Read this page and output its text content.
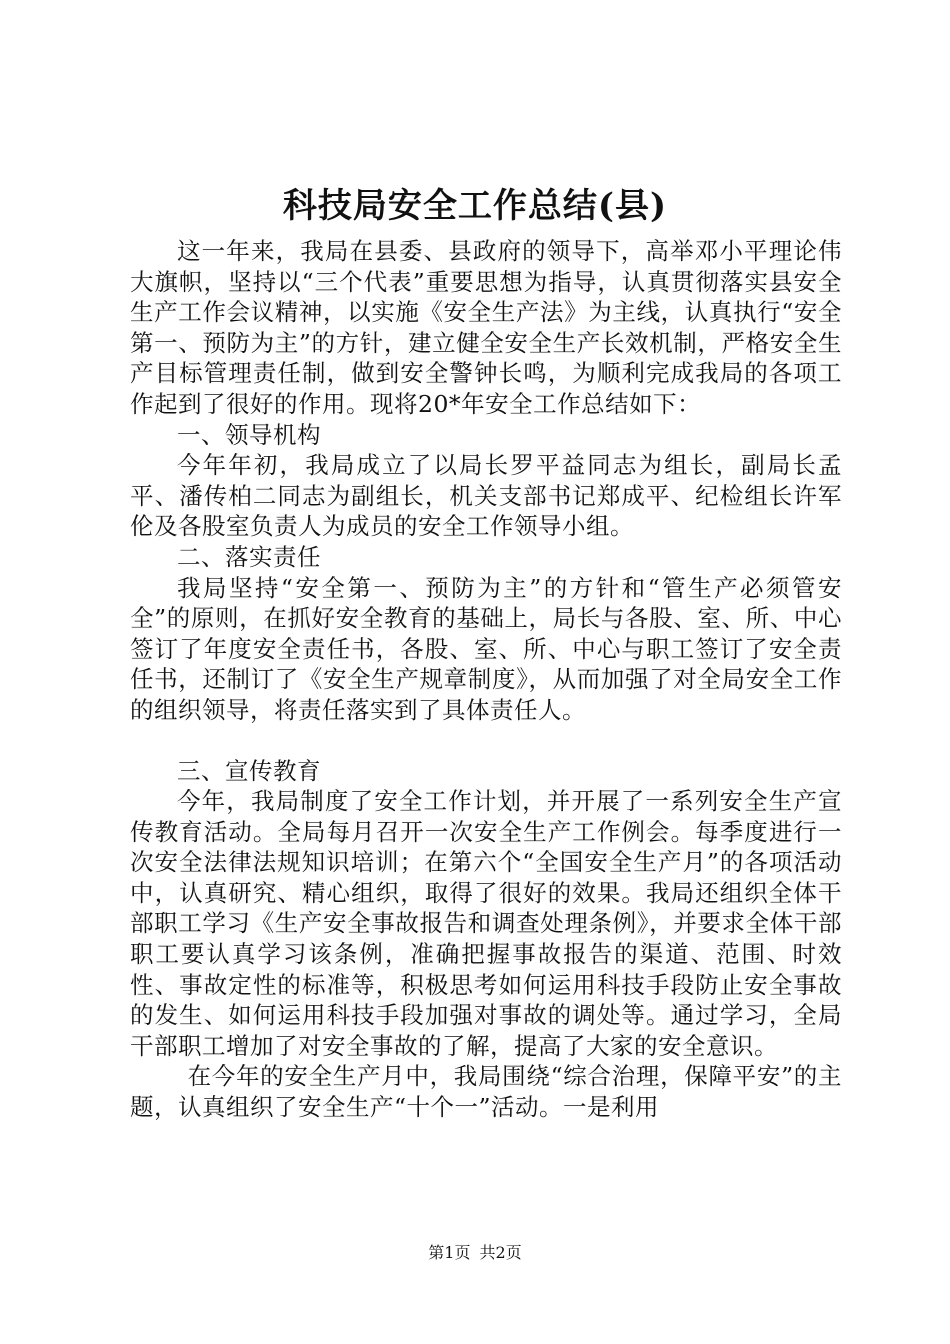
科技局安全工作总结(县)

这一年来，我局在县委、县政府的领导下，高举邓小平理论伟大旗帜，坚持以“三个代表”重要思想为指导，认真贯彻落实县安全生产工作会议精神，以实施《安全生产法》为主线，认真执行“安全第一、预防为主”的方针，建立健全安全生产长效机制，严格安全生产目标管理责任制，做到安全警钟长鸣，为顺利完成我局的各项工作起到了很好的作用。现将20*年安全工作总结如下：

一、领导机构

今年年初，我局成立了以局长罗平益同志为组长，副局长孟平、潘传柏二同志为副组长，机关支部书记郑成平、纪检组长许军伦及各股室负责人为成员的安全工作领导小组。

二、落实责任

我局坚持“安全第一、预防为主”的方针和“管生产必须管安全”的原则，在抓好安全教育的基础上，局长与各股、室、所、中心签订了年度安全责任书，各股、室、所、中心与职工签订了安全责任书，还制订了《安全生产规章制度》，从而加强了对全局安全工作的组织领导，将责任落实到了具体责任人。

三、宣传教育

今年，我局制度了安全工作计划，并开展了一系列安全生产宣传教育活动。全局每月召开一次安全生产工作例会。每季度进行一次安全法律法规知识培训；在第六个“全国安全生产月”的各项活动中，认真研究、精心组织，取得了很好的效果。我局还组织全体干部职工学习《生产安全事故报告和调查处理条例》，并要求全体干部职工要认真学习该条例，准确把握事故报告的渠道、范围、时效性、事故定性的标准等，积极思考如何运用科技手段防止安全事故的发生、如何运用科技手段加强对事故的调处等。通过学习，全局干部职工增加了对安全事故的了解，提高了大家的安全意识。

在今年的安全生产月中，我局围绕“综合治理，保障平安”的主题，认真组织了安全生产“十个一”活动。一是利用

第1页 共2页
